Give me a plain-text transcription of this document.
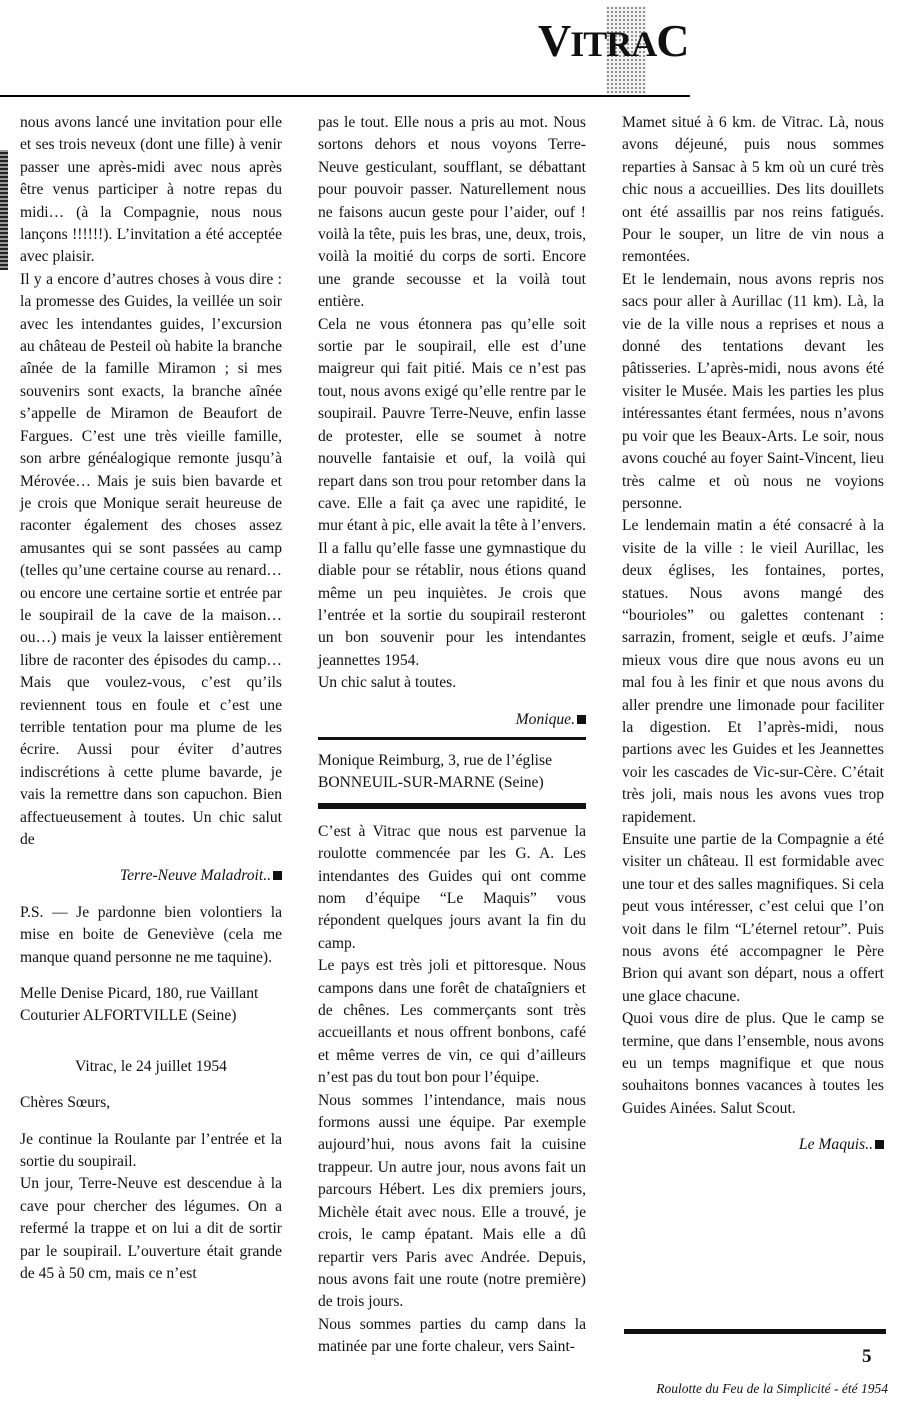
VITRAC

nous avons lancé une invitation pour elle et ses trois neveux (dont une fille) à venir passer une après-midi avec nous après être venus participer à notre repas du midi… (à la Compagnie, nous nous lançons !!!!!!). L’invitation a été acceptée avec plaisir.

Il y a encore d’autres choses à vous dire : la promesse des Guides, la veillée un soir avec les intendantes guides, l’excursion au château de Pesteil où habite la branche aînée de la famille Miramon ; si mes souvenirs sont exacts, la branche aînée s’appelle de Miramon de Beaufort de Fargues. C’est une très vieille famille, son arbre généalogique remonte jusqu’à Mérovée… Mais je suis bien bavarde et je crois que Monique serait heureuse de raconter également des choses assez amusantes qui se sont passées au camp (telles qu’une certaine course au renard… ou encore une certaine sortie et entrée par le soupirail de la cave de la maison… ou…) mais je veux la laisser entièrement libre de raconter des épisodes du camp… Mais que voulez-vous, c’est qu’ils reviennent tous en foule et c’est une terrible tentation pour ma plume de les écrire. Aussi pour éviter d’autres indiscrétions à cette plume bavarde, je vais la remettre dans son capuchon. Bien affectueusement à toutes. Un chic salut de

Terre-Neuve Maladroit..

P.S. — Je pardonne bien volontiers la mise en boite de Geneviève (cela me manque quand personne ne me taquine).

Melle Denise Picard, 180, rue Vaillant

Couturier ALFORTVILLE (Seine)

Vitrac, le 24 juillet 1954

Chères Sœurs,

Je continue la Roulante par l’entrée et la sortie du soupirail.

Un jour, Terre-Neuve est descendue à la cave pour chercher des légumes. On a refermé la trappe et on lui a dit de sortir par le soupirail. L’ouverture était grande de 45 à 50 cm, mais ce n’est

pas le tout. Elle nous a pris au mot. Nous sortons dehors et nous voyons Terre-Neuve gesticulant, soufflant, se débattant pour pouvoir passer. Naturellement nous ne faisons aucun geste pour l’aider, ouf ! voilà la tête, puis les bras, une, deux, trois, voilà la moitié du corps de sorti. Encore une grande secousse et la voilà tout entière.

Cela ne vous étonnera pas qu’elle soit sortie par le soupirail, elle est d’une maigreur qui fait pitié. Mais ce n’est pas tout, nous avons exigé qu’elle rentre par le soupirail. Pauvre Terre-Neuve, enfin lasse de protester, elle se soumet à notre nouvelle fantaisie et ouf, la voilà qui repart dans son trou pour retomber dans la cave. Elle a fait ça avec une rapidité, le mur étant à pic, elle avait la tête à l’envers. Il a fallu qu’elle fasse une gymnastique du diable pour se rétablir, nous étions quand même un peu inquiètes. Je crois que l’entrée et la sortie du soupirail resteront un bon souvenir pour les intendantes jeannettes 1954.

Un chic salut à toutes.

Monique.

Monique Reimburg, 3, rue de l’église

BONNEUIL-SUR-MARNE (Seine)

C’est à Vitrac que nous est parvenue la roulotte commencée par les G. A. Les intendantes des Guides qui ont comme nom d’équipe “Le Maquis” vous répondent quelques jours avant la fin du camp.

Le pays est très joli et pittoresque. Nous campons dans une forêt de chataîgniers et de chênes. Les commerçants sont très accueillants et nous offrent bonbons, café et même verres de vin, ce qui d’ailleurs n’est pas du tout bon pour l’équipe.

Nous sommes l’intendance, mais nous formons aussi une équipe. Par exemple aujourd’hui, nous avons fait la cuisine trappeur. Un autre jour, nous avons fait un parcours Hébert. Les dix premiers jours, Michèle était avec nous. Elle a trouvé, je crois, le camp épatant. Mais elle a dû repartir vers Paris avec Andrée. Depuis, nous avons fait une route (notre première) de trois jours.

Nous sommes parties du camp dans la matinée par une forte chaleur, vers Saint-

Mamet situé à 6 km. de Vitrac. Là, nous avons déjeuné, puis nous sommes reparties à Sansac à 5 km où un curé très chic nous a accueillies. Des lits douillets ont été assaillis par nos reins fatigués. Pour le souper, un litre de vin nous a remontées.

Et le lendemain, nous avons repris nos sacs pour aller à Aurillac (11 km). Là, la vie de la ville nous a reprises et nous a donné des tentations devant les pâtisseries. L’après-midi, nous avons été visiter le Musée. Mais les parties les plus intéressantes étant fermées, nous n’avons pu voir que les Beaux-Arts. Le soir, nous avons couché au foyer Saint-Vincent, lieu très calme et où nous ne voyions personne.

Le lendemain matin a été consacré à la visite de la ville : le vieil Aurillac, les deux églises, les fontaines, portes, statues. Nous avons mangé des “bourioles” ou galettes contenant : sarrazin, froment, seigle et œufs. J’aime mieux vous dire que nous avons eu un mal fou à les finir et que nous avons du aller prendre une limonade pour faciliter la digestion. Et l’après-midi, nous partions avec les Guides et les Jeannettes voir les cascades de Vic-sur-Cère. C’était très joli, mais nous les avons vues trop rapidement.

Ensuite une partie de la Compagnie a été visiter un château. Il est formidable avec une tour et des salles magnifiques. Si cela peut vous intéresser, c’est celui que l’on voit dans le film “L’éternel retour”. Puis nous avons été accompagner le Père Brion qui avant son départ, nous a offert une glace chacune.

Quoi vous dire de plus. Que le camp se termine, que dans l’ensemble, nous avons eu un temps magnifique et que nous souhaitons bonnes vacances à toutes les Guides Ainées. Salut Scout.

Le Maquis..

5
Roulotte du Feu de la Simplicité - été 1954
